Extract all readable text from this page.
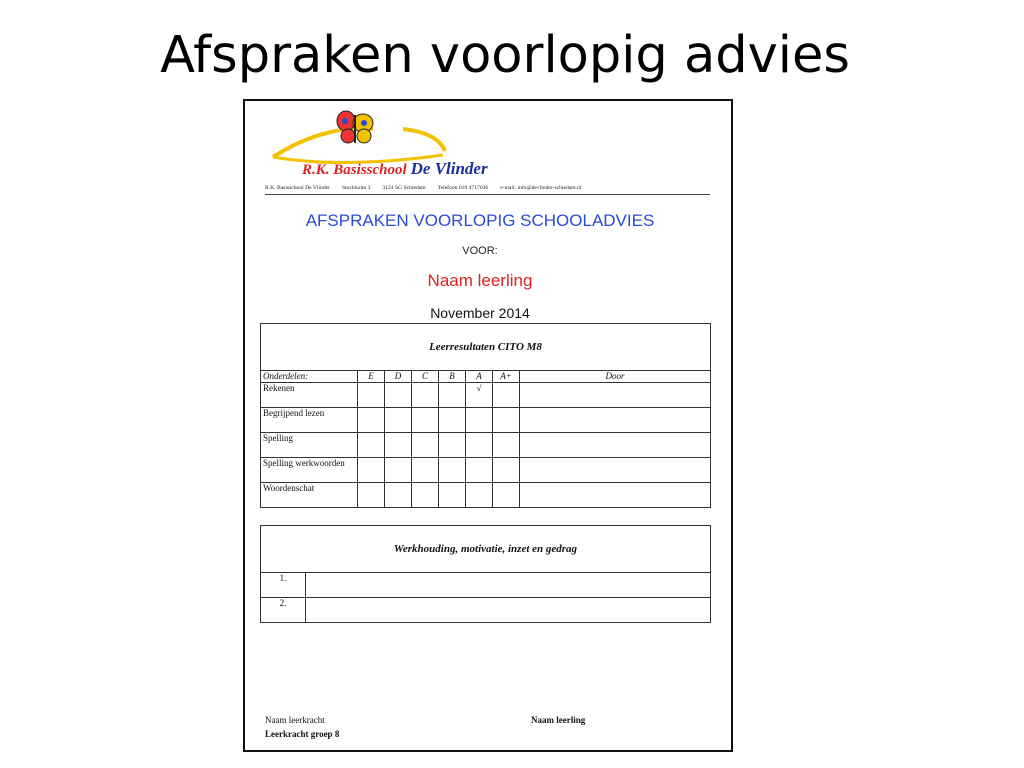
Afspraken voorlopig advies
R.K. Basisschool De Vlinder
R.K. Basisschool De Vlinder Stockholm 3 3124 SG Schiedam Telefoon 010 4717036 e-mail: info@devlinder-schiedam.nl
AFSPRAKEN VOORLOPIG SCHOOLADVIES
VOOR:
Naam leerling
November 2014
Leerresultaten CITO M8							
Onderdelen:	E	D	C	B	A	A+	Door
Rekenen					√		
Begrijpend lezen							
Spelling							
Spelling werkwoorden							
Woordenschat							
Werkhouding, motivatie, inzet en gedrag	
1.	
2.	
Naam leerkracht
Leerkracht groep 8
Naam leerling
